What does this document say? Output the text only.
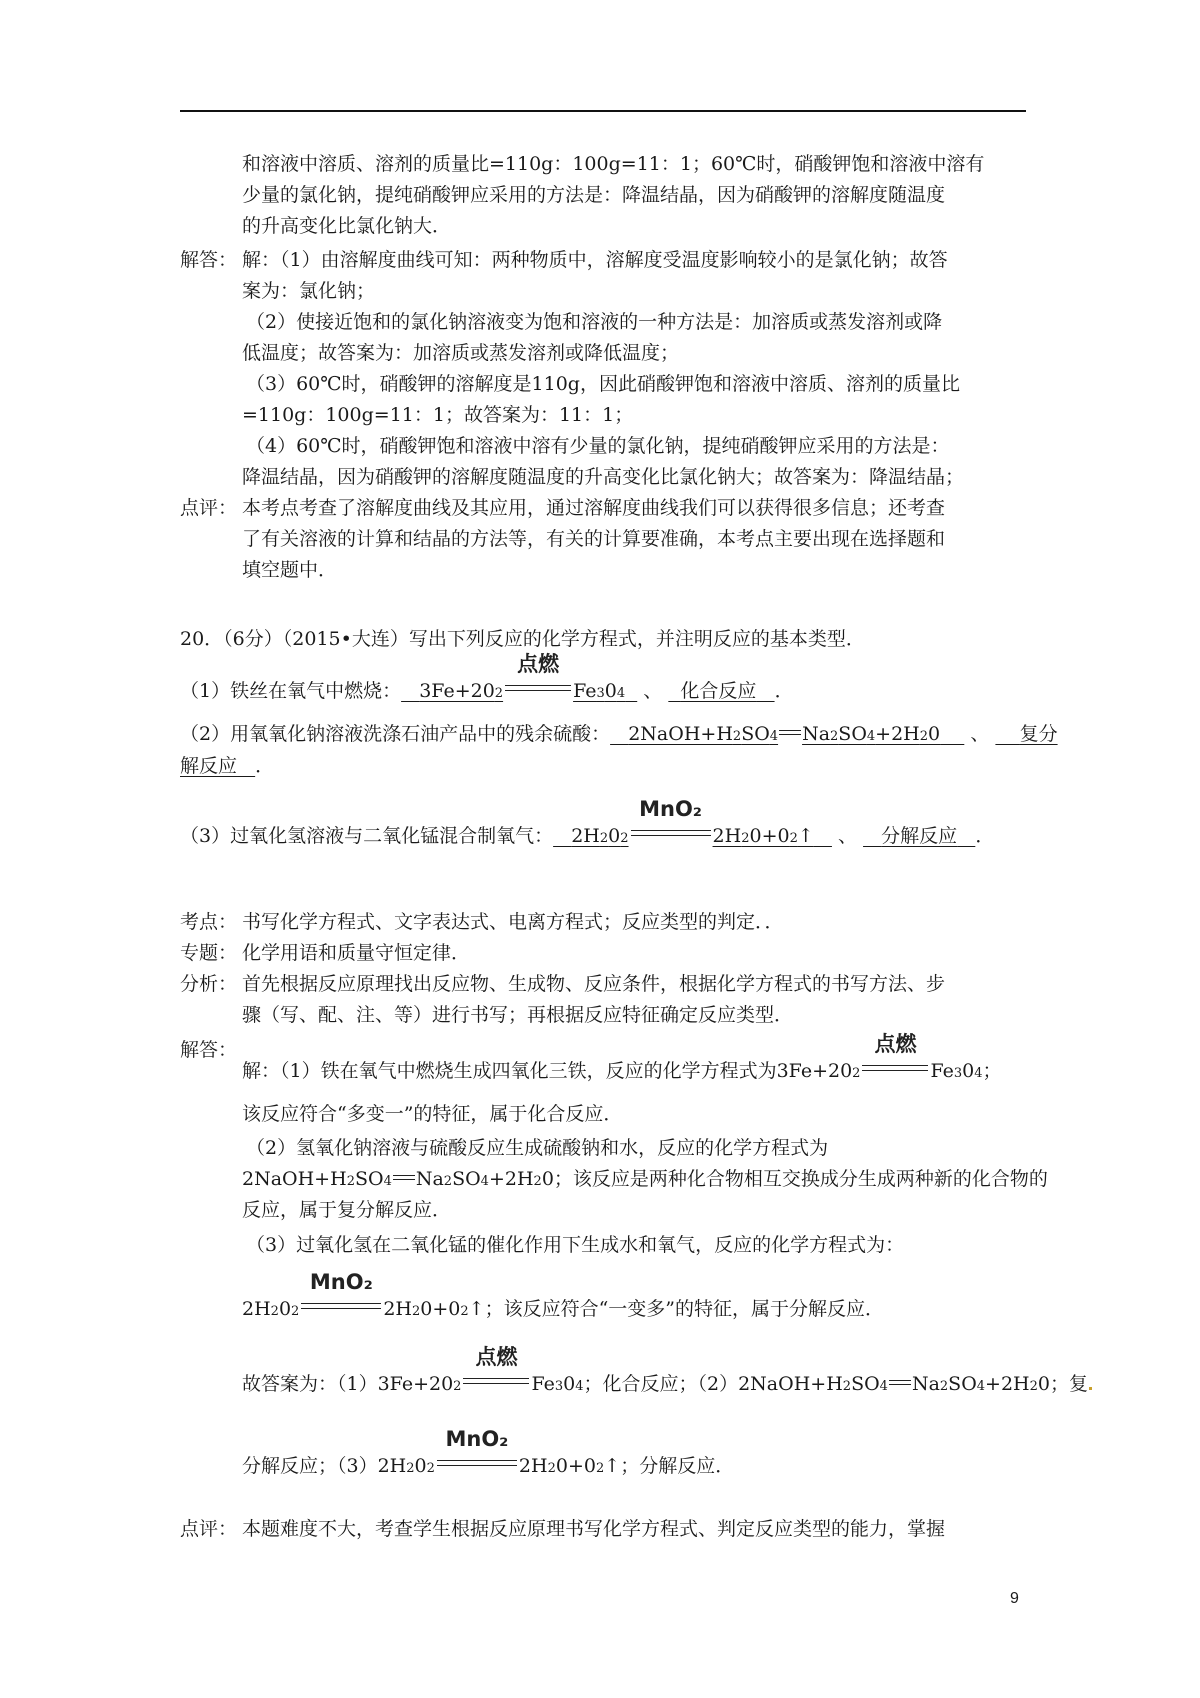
和溶液中溶质、溶剂的质量比=110g：100g=11：1；60℃时，硝酸钾饱和溶液中溶有
少量的氯化钠，提纯硝酸钾应采用的方法是：降温结晶，因为硝酸钾的溶解度随温度
的升高变化比氯化钠大．
解答： 解：（1）由溶解度曲线可知：两种物质中，溶解度受温度影响较小的是氯化钠；故答
案为：氯化钠；
（2）使接近饱和的氯化钠溶液变为饱和溶液的一种方法是：加溶质或蒸发溶剂或降
低温度；故答案为：加溶质或蒸发溶剂或降低温度；
（3）60℃时，硝酸钾的溶解度是110g，因此硝酸钾饱和溶液中溶质、溶剂的质量比
=110g：100g=11：1；故答案为：11：1；
（4）60℃时，硝酸钾饱和溶液中溶有少量的氯化钠，提纯硝酸钾应采用的方法是：
降温结晶，因为硝酸钾的溶解度随温度的升高变化比氯化钠大；故答案为：降温结晶；
点评： 本考点考查了溶解度曲线及其应用，通过溶解度曲线我们可以获得很多信息；还考查
了有关溶液的计算和结晶的方法等，有关的计算要准确，本考点主要出现在选择题和
填空题中．
20．（6分）（2015•大连）写出下列反应的化学方程式，并注明反应的基本类型．
（1）铁丝在氧气中燃烧： 3Fe+202
点燃
Fe304 、 化合反应 ．
（2）用氧氧化钠溶液洗涤石油产品中的残余硫酸： 2NaOH+H2SO4 Na2SO4+2H20 、 复分
解反应 ．
（3）过氧化氢溶液与二氧化锰混合制氧气： 2H202
MnO₂
2H20+02↑ 、 分解反应 ．
考点： 书写化学方程式、文字表达式、电离方程式；反应类型的判定．．
专题： 化学用语和质量守恒定律．
分析： 首先根据反应原理找出反应物、生成物、反应条件，根据化学方程式的书写方法、步
骤（写、配、注、等）进行书写；再根据反应特征确定反应类型．
解答：
解：（1）铁在氧气中燃烧生成四氧化三铁，反应的化学方程式为3Fe+202
点燃
Fe304；
该反应符合“多变一”的特征，属于化合反应．
（2）氢氧化钠溶液与硫酸反应生成硫酸钠和水，反应的化学方程式为
2NaOH+H2SO4 Na2SO4+2H20；该反应是两种化合物相互交换成分生成两种新的化合物的
反应，属于复分解反应．
（3）过氧化氢在二氧化锰的催化作用下生成水和氧气，反应的化学方程式为：
2H202
MnO₂
2H20+02↑；该反应符合“一变多”的特征，属于分解反应．
故答案为：（1）3Fe+202
点燃
Fe304；化合反应；（2）2NaOH+H2SO4 Na2SO4+2H20；复
分解反应；（3）2H202
MnO₂
2H20+02↑；分解反应．
点评： 本题难度不大，考查学生根据反应原理书写化学方程式、判定反应类型的能力，掌握
9
